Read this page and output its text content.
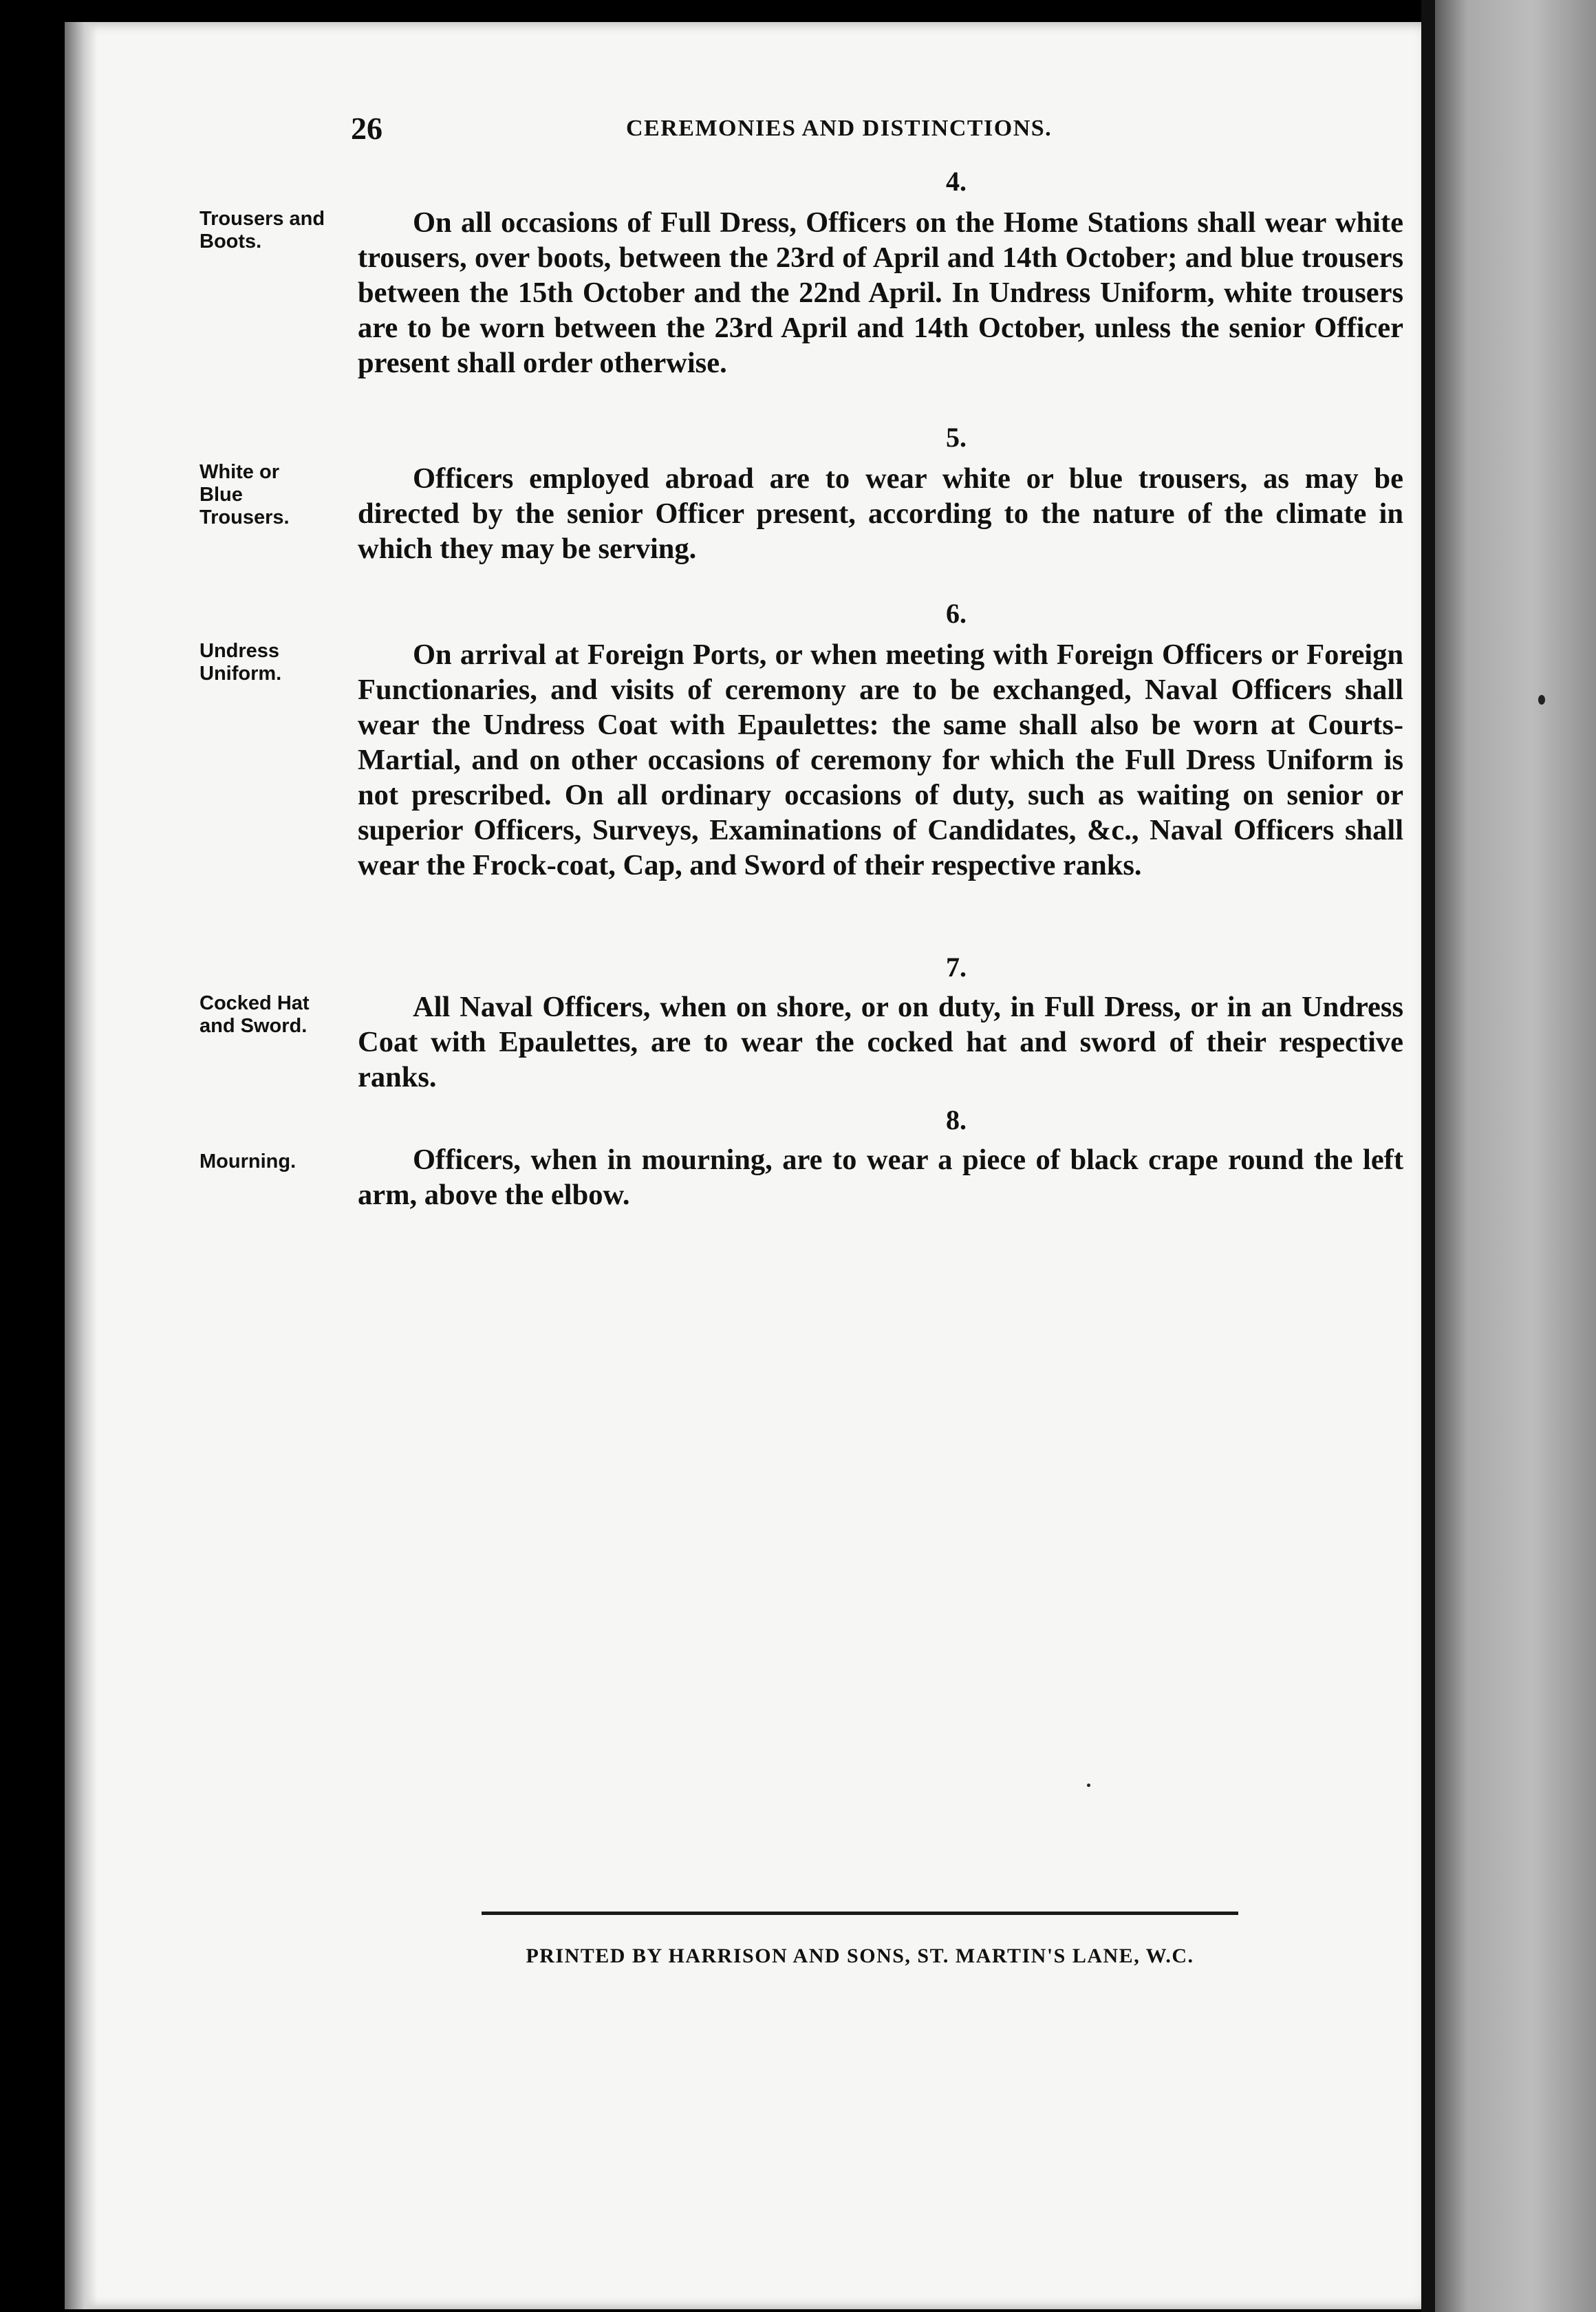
26	CEREMONIES AND DISTINCTIONS.
4.
Trousers and Boots.
On all occasions of Full Dress, Officers on the Home Stations shall wear white trousers, over boots, between the 23rd of April and 14th October; and blue trousers between the 15th October and the 22nd April. In Undress Uniform, white trousers are to be worn between the 23rd April and 14th October, unless the senior Officer present shall order otherwise.
5.
White or Blue Trousers.
Officers employed abroad are to wear white or blue trousers, as may be directed by the senior Officer present, according to the nature of the climate in which they may be serving.
6.
Undress Uniform.
On arrival at Foreign Ports, or when meeting with Foreign Officers or Foreign Functionaries, and visits of ceremony are to be exchanged, Naval Officers shall wear the Undress Coat with Epaulettes: the same shall also be worn at Courts-Martial, and on other occasions of ceremony for which the Full Dress Uniform is not prescribed. On all ordinary occasions of duty, such as waiting on senior or superior Officers, Surveys, Examinations of Candidates, &c., Naval Officers shall wear the Frock-coat, Cap, and Sword of their respective ranks.
7.
Cocked Hat and Sword.
All Naval Officers, when on shore, or on duty, in Full Dress, or in an Undress Coat with Epaulettes, are to wear the cocked hat and sword of their respective ranks.
8.
Mourning.	Officers, when in mourning, are to wear a piece of black crape round the left arm, above the elbow.
PRINTED BY HARRISON AND SONS, ST. MARTIN'S LANE, W.C.
